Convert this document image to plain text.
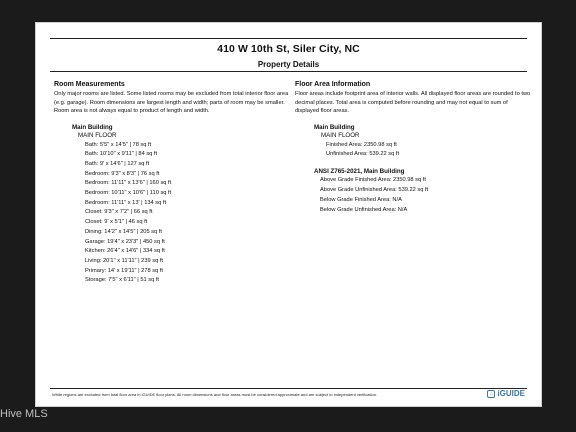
410 W 10th St, Siler City, NC
Property Details
Room Measurements

Only major rooms are listed. Some listed rooms may be excluded from total interior floor area (e.g. garage). Room dimensions are largest length and width; parts of room may be smaller. Room area is not always equal to product of length and width.

Main Building
MAIN FLOOR
Bath: 5'5" x 14'5" | 78 sq ft
Bath: 10'10" x 9'11" | 84 sq ft
Bath: 9' x 14'6" | 127 sq ft
Bedroom: 9'3" x 8'3" | 76 sq ft
Bedroom: 11'11" x 13'6" | 160 sq ft
Bedroom: 10'11" x 10'6" | 110 sq ft
Bedroom: 11'11" x 13' | 134 sq ft
Closet: 9'3" x 7'2" | 66 sq ft
Closet: 9' x 5'1" | 46 sq ft
Dining: 14'2" x 14'5" | 205 sq ft
Garage: 19'4" x 23'3" | 450 sq ft
Kitchen: 26'4" x 14'6" | 334 sq ft
Living: 20'1" x 11'11" | 239 sq ft
Primary: 14' x 19'11" | 278 sq ft
Storage: 7'5" x 6'11" | 51 sq ft
Floor Area Information

Floor areas include footprint area of interior walls. All displayed floor areas are rounded to two decimal places. Total area is computed before rounding and may not equal to sum of displayed floor areas.

Main Building
MAIN FLOOR
Finished Area: 2350.98 sq ft
Unfinished Area: 539.22 sq ft
ANSI Z765-2021, Main Building
Above Grade Finished Area: 2350.98 sq ft
Above Grade Unfinished Area: 539.22 sq ft
Below Grade Finished Area: N/A
Below Grade Unfinished Area: N/A
White regions are excluded from total floor area in iGUIDE floor plans. All room dimensions and floor areas must be considered approximate and are subject to independent verification.	⌂ iGUIDE
Hive MLS
